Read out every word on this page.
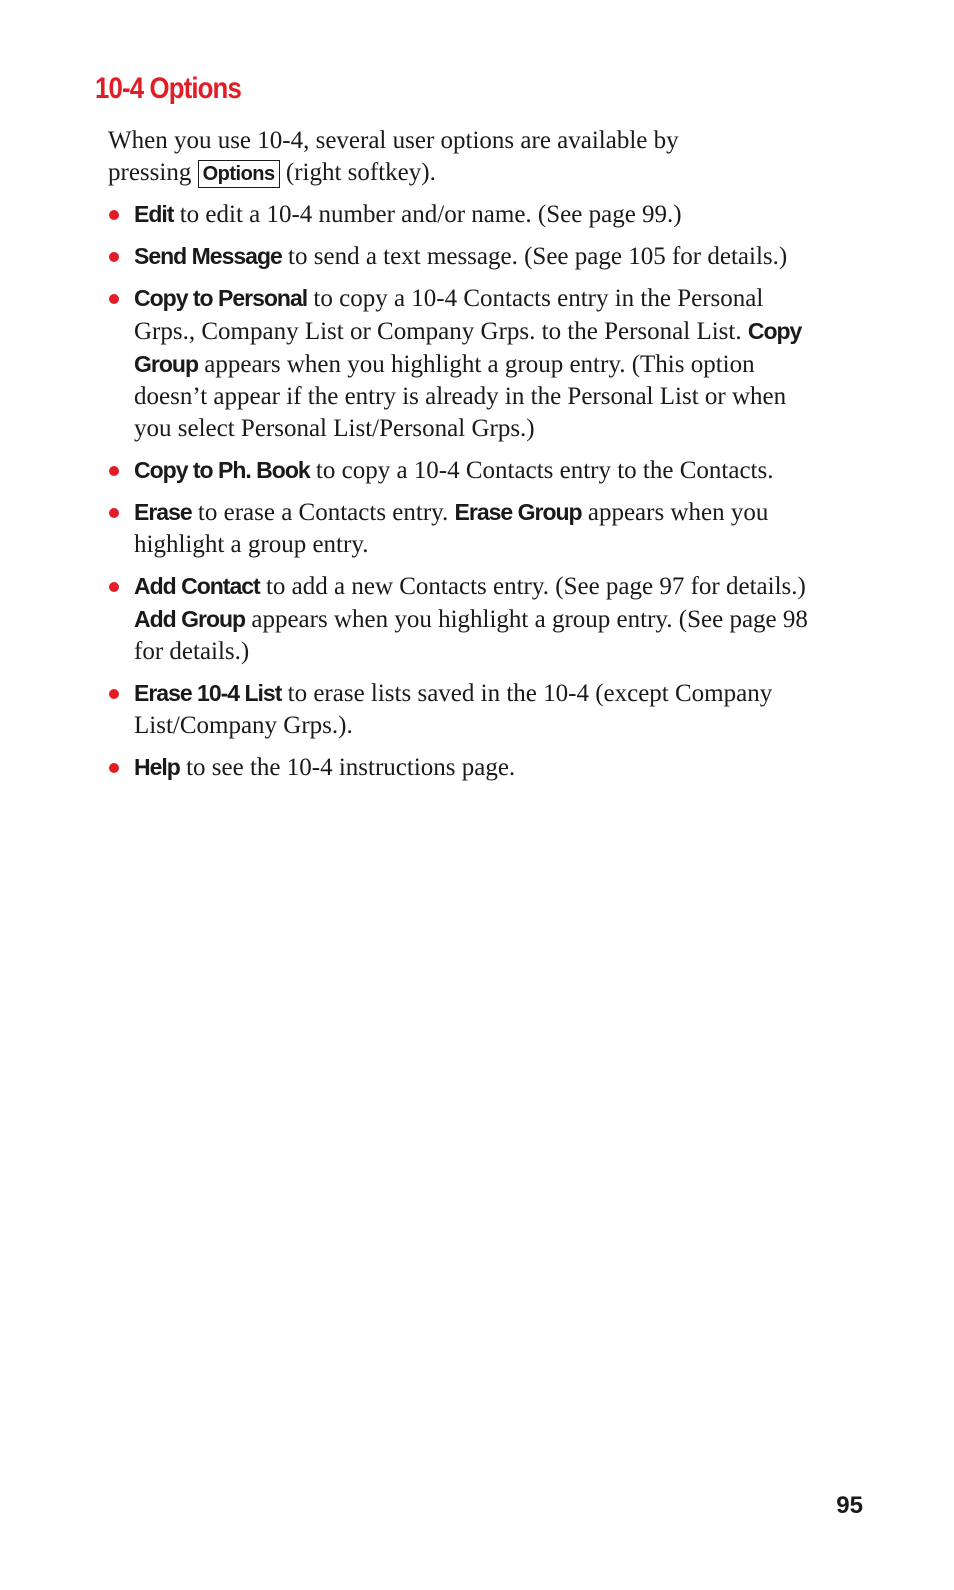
10-4 Options

When you use 10-4, several user options are available by pressing Options (right softkey).

Edit to edit a 10-4 number and/or name. (See page 99.)
Send Message to send a text message. (See page 105 for details.)
Copy to Personal to copy a 10-4 Contacts entry in the Personal Grps., Company List or Company Grps. to the Personal List. Copy Group appears when you highlight a group entry. (This option doesn’t appear if the entry is already in the Personal List or when you select Personal List/Personal Grps.)
Copy to Ph. Book to copy a 10-4 Contacts entry to the Contacts.
Erase to erase a Contacts entry. Erase Group appears when you highlight a group entry.
Add Contact to add a new Contacts entry. (See page 97 for details.) Add Group appears when you highlight a group entry. (See page 98 for details.)
Erase 10-4 List to erase lists saved in the 10-4 (except Company List/Company Grps.).
Help to see the 10-4 instructions page.
95
